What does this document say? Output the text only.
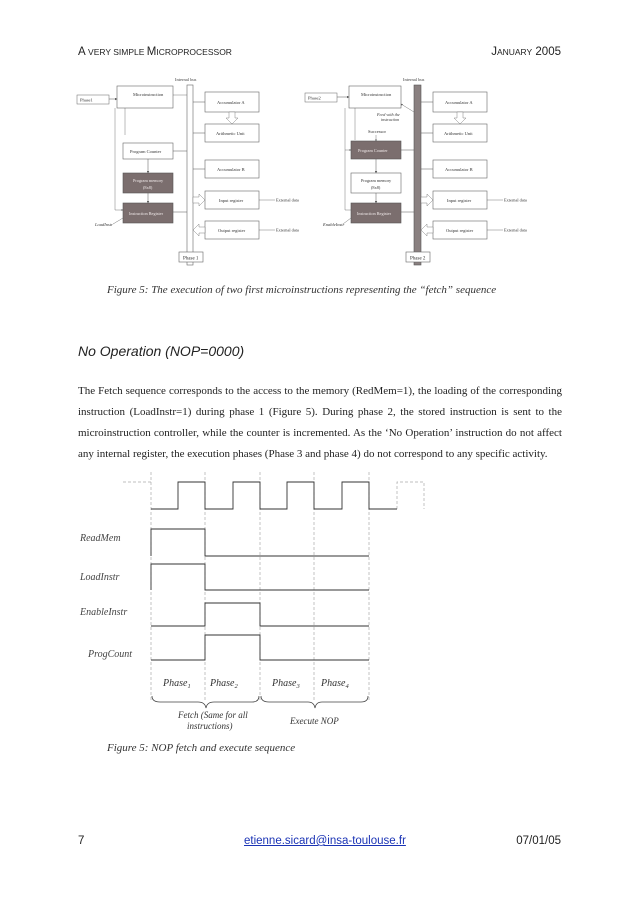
A VERY SIMPLE MICROPROCESSOR	JANUARY 2005
Internal bus
Phase1
Microinstruction
Accumulator A
Arithmetic Unit
Program Counter
Accumulator B
Program memory
(8x8)
Input register	External data
Instruction Register
LoadInstr
Output register	External data
Phase 1
Internal bus
Phase2
Microinstruction
Feed with the
instruction
Accumulator A
Successor	Arithmetic Unit
Program Counter
Accumulator B
Program memory
(8x8)
Input register	External data
Instruction Register
EnableInstr
Output register	External data
Phase 2
Figure 5: The execution of two first microinstructions representing the “fetch” sequence
No Operation (NOP=0000)
The Fetch sequence corresponds to the access to the memory (RedMem=1), the loading of the corresponding instruction (LoadInstr=1) during phase 1 (Figure 5). During phase 2, the stored instruction is sent to the microinstruction controller, while the counter is incremented. As the ‘No Operation’ instruction do not affect any internal register, the execution phases (Phase 3 and phase 4) do not correspond to any specific activity.
ReadMem
LoadInstr
EnableInstr
ProgCount
Phase$_1$ Phase$_2$	Phase$_3$ Phase$_4$
Fetch (Same for all
instructions)	Execute NOP
Figure 5: NOP fetch and execute sequence
7	etienne.sicard@insa-toulouse.fr	07/01/05
